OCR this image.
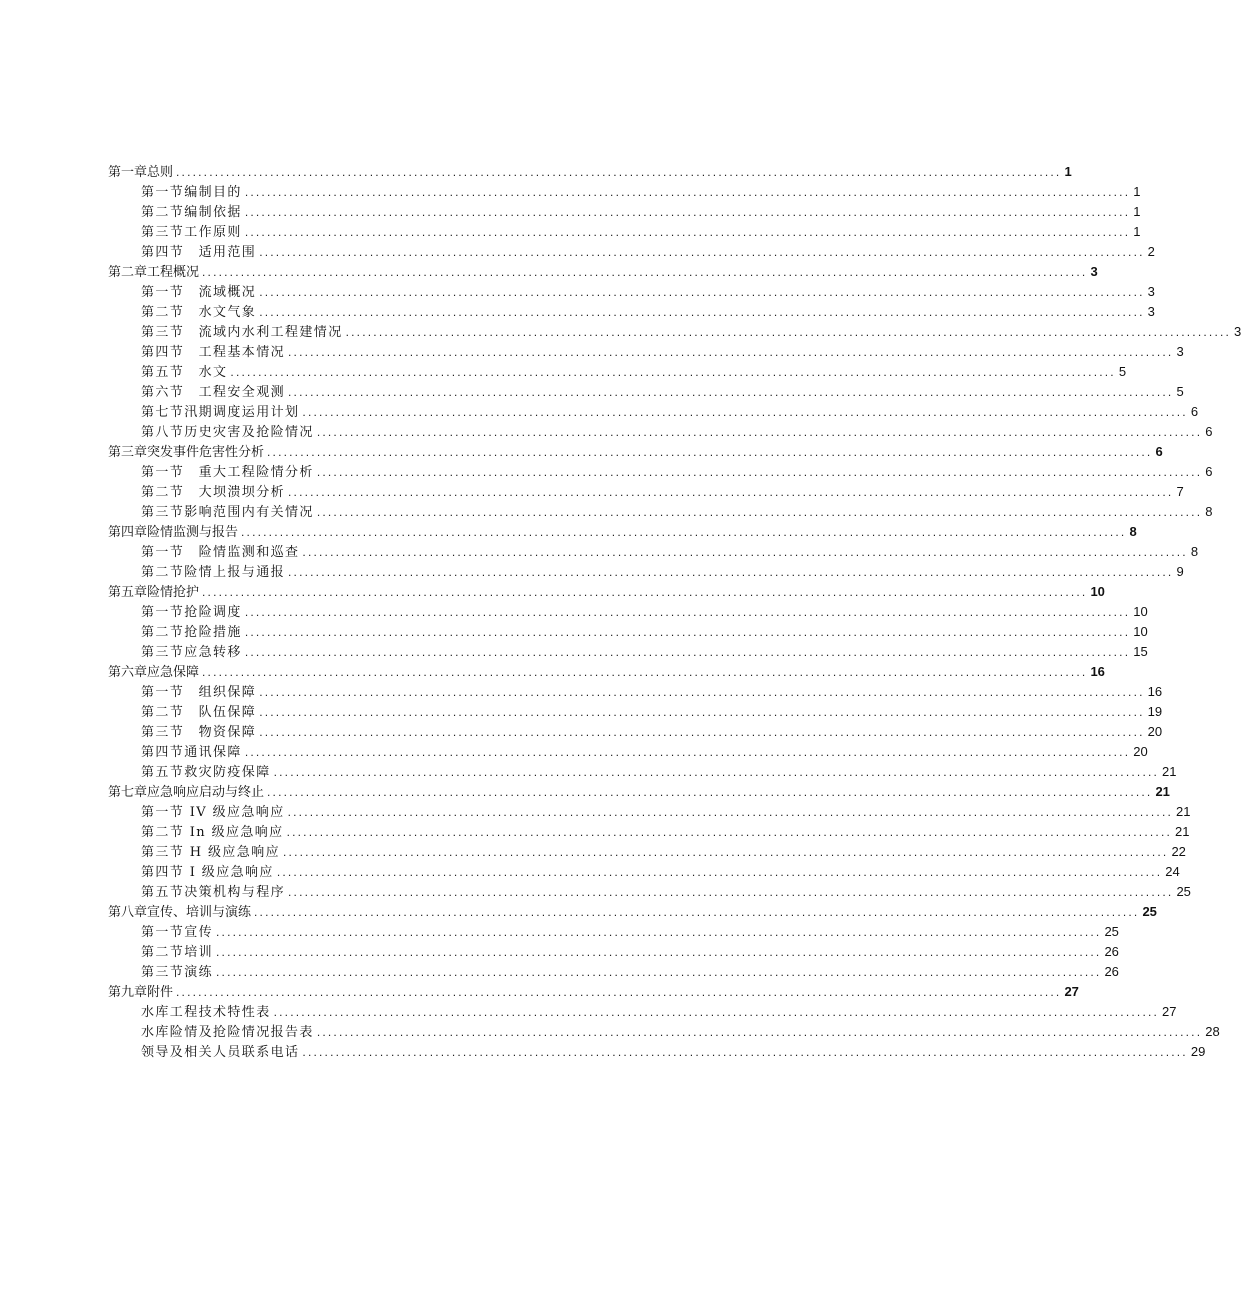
第一章总则 ................................................................................................................................................................ 1
第一节编制目的 ................................................................................................................................................................ 1
第二节编制依据 ................................................................................................................................................................ 1
第三节工作原则 ................................................................................................................................................................ 1
第四节　适用范围 ................................................................................................................................................................ 2
第二章工程概况 ................................................................................................................................................................ 3
第一节　流域概况 ................................................................................................................................................................ 3
第二节　水文气象 ................................................................................................................................................................ 3
第三节　流域内水利工程建情况 ................................................................................................................................................................ 3
第四节　工程基本情况 ................................................................................................................................................................ 3
第五节　水文 ................................................................................................................................................................ 5
第六节　工程安全观测 ................................................................................................................................................................ 5
第七节汛期调度运用计划 ................................................................................................................................................................ 6
第八节历史灾害及抢险情况 ................................................................................................................................................................ 6
第三章突发事件危害性分析 ................................................................................................................................................................ 6
第一节　重大工程险情分析 ................................................................................................................................................................ 6
第二节　大坝溃坝分析 ................................................................................................................................................................ 7
第三节影响范围内有关情况 ................................................................................................................................................................ 8
第四章险情监测与报告 ................................................................................................................................................................ 8
第一节　险情监测和巡查 ................................................................................................................................................................ 8
第二节险情上报与通报 ................................................................................................................................................................ 9
第五章险情抢护 ................................................................................................................................................................ 10
第一节抢险调度 ................................................................................................................................................................ 10
第二节抢险措施 ................................................................................................................................................................ 10
第三节应急转移 ................................................................................................................................................................ 15
第六章应急保障 ................................................................................................................................................................ 16
第一节　组织保障 ................................................................................................................................................................ 16
第二节　队伍保障 ................................................................................................................................................................ 19
第三节　物资保障 ................................................................................................................................................................ 20
第四节通讯保障 ................................................................................................................................................................ 20
第五节救灾防疫保障 ................................................................................................................................................................ 21
第七章应急响应启动与终止 ................................................................................................................................................................ 21
第一节 IV 级应急响应 ................................................................................................................................................................ 21
第二节 In 级应急响应 ................................................................................................................................................................ 21
第三节 H 级应急响应 ................................................................................................................................................................ 22
第四节 I 级应急响应 ................................................................................................................................................................ 24
第五节决策机构与程序 ................................................................................................................................................................ 25
第八章宣传、培训与演练 ................................................................................................................................................................ 25
第一节宣传 ................................................................................................................................................................ 25
第二节培训 ................................................................................................................................................................ 26
第三节演练 ................................................................................................................................................................ 26
第九章附件 ................................................................................................................................................................ 27
水库工程技术特性表 ................................................................................................................................................................ 27
水库险情及抢险情况报告表 ................................................................................................................................................................ 28
领导及相关人员联系电话 ................................................................................................................................................................ 29
